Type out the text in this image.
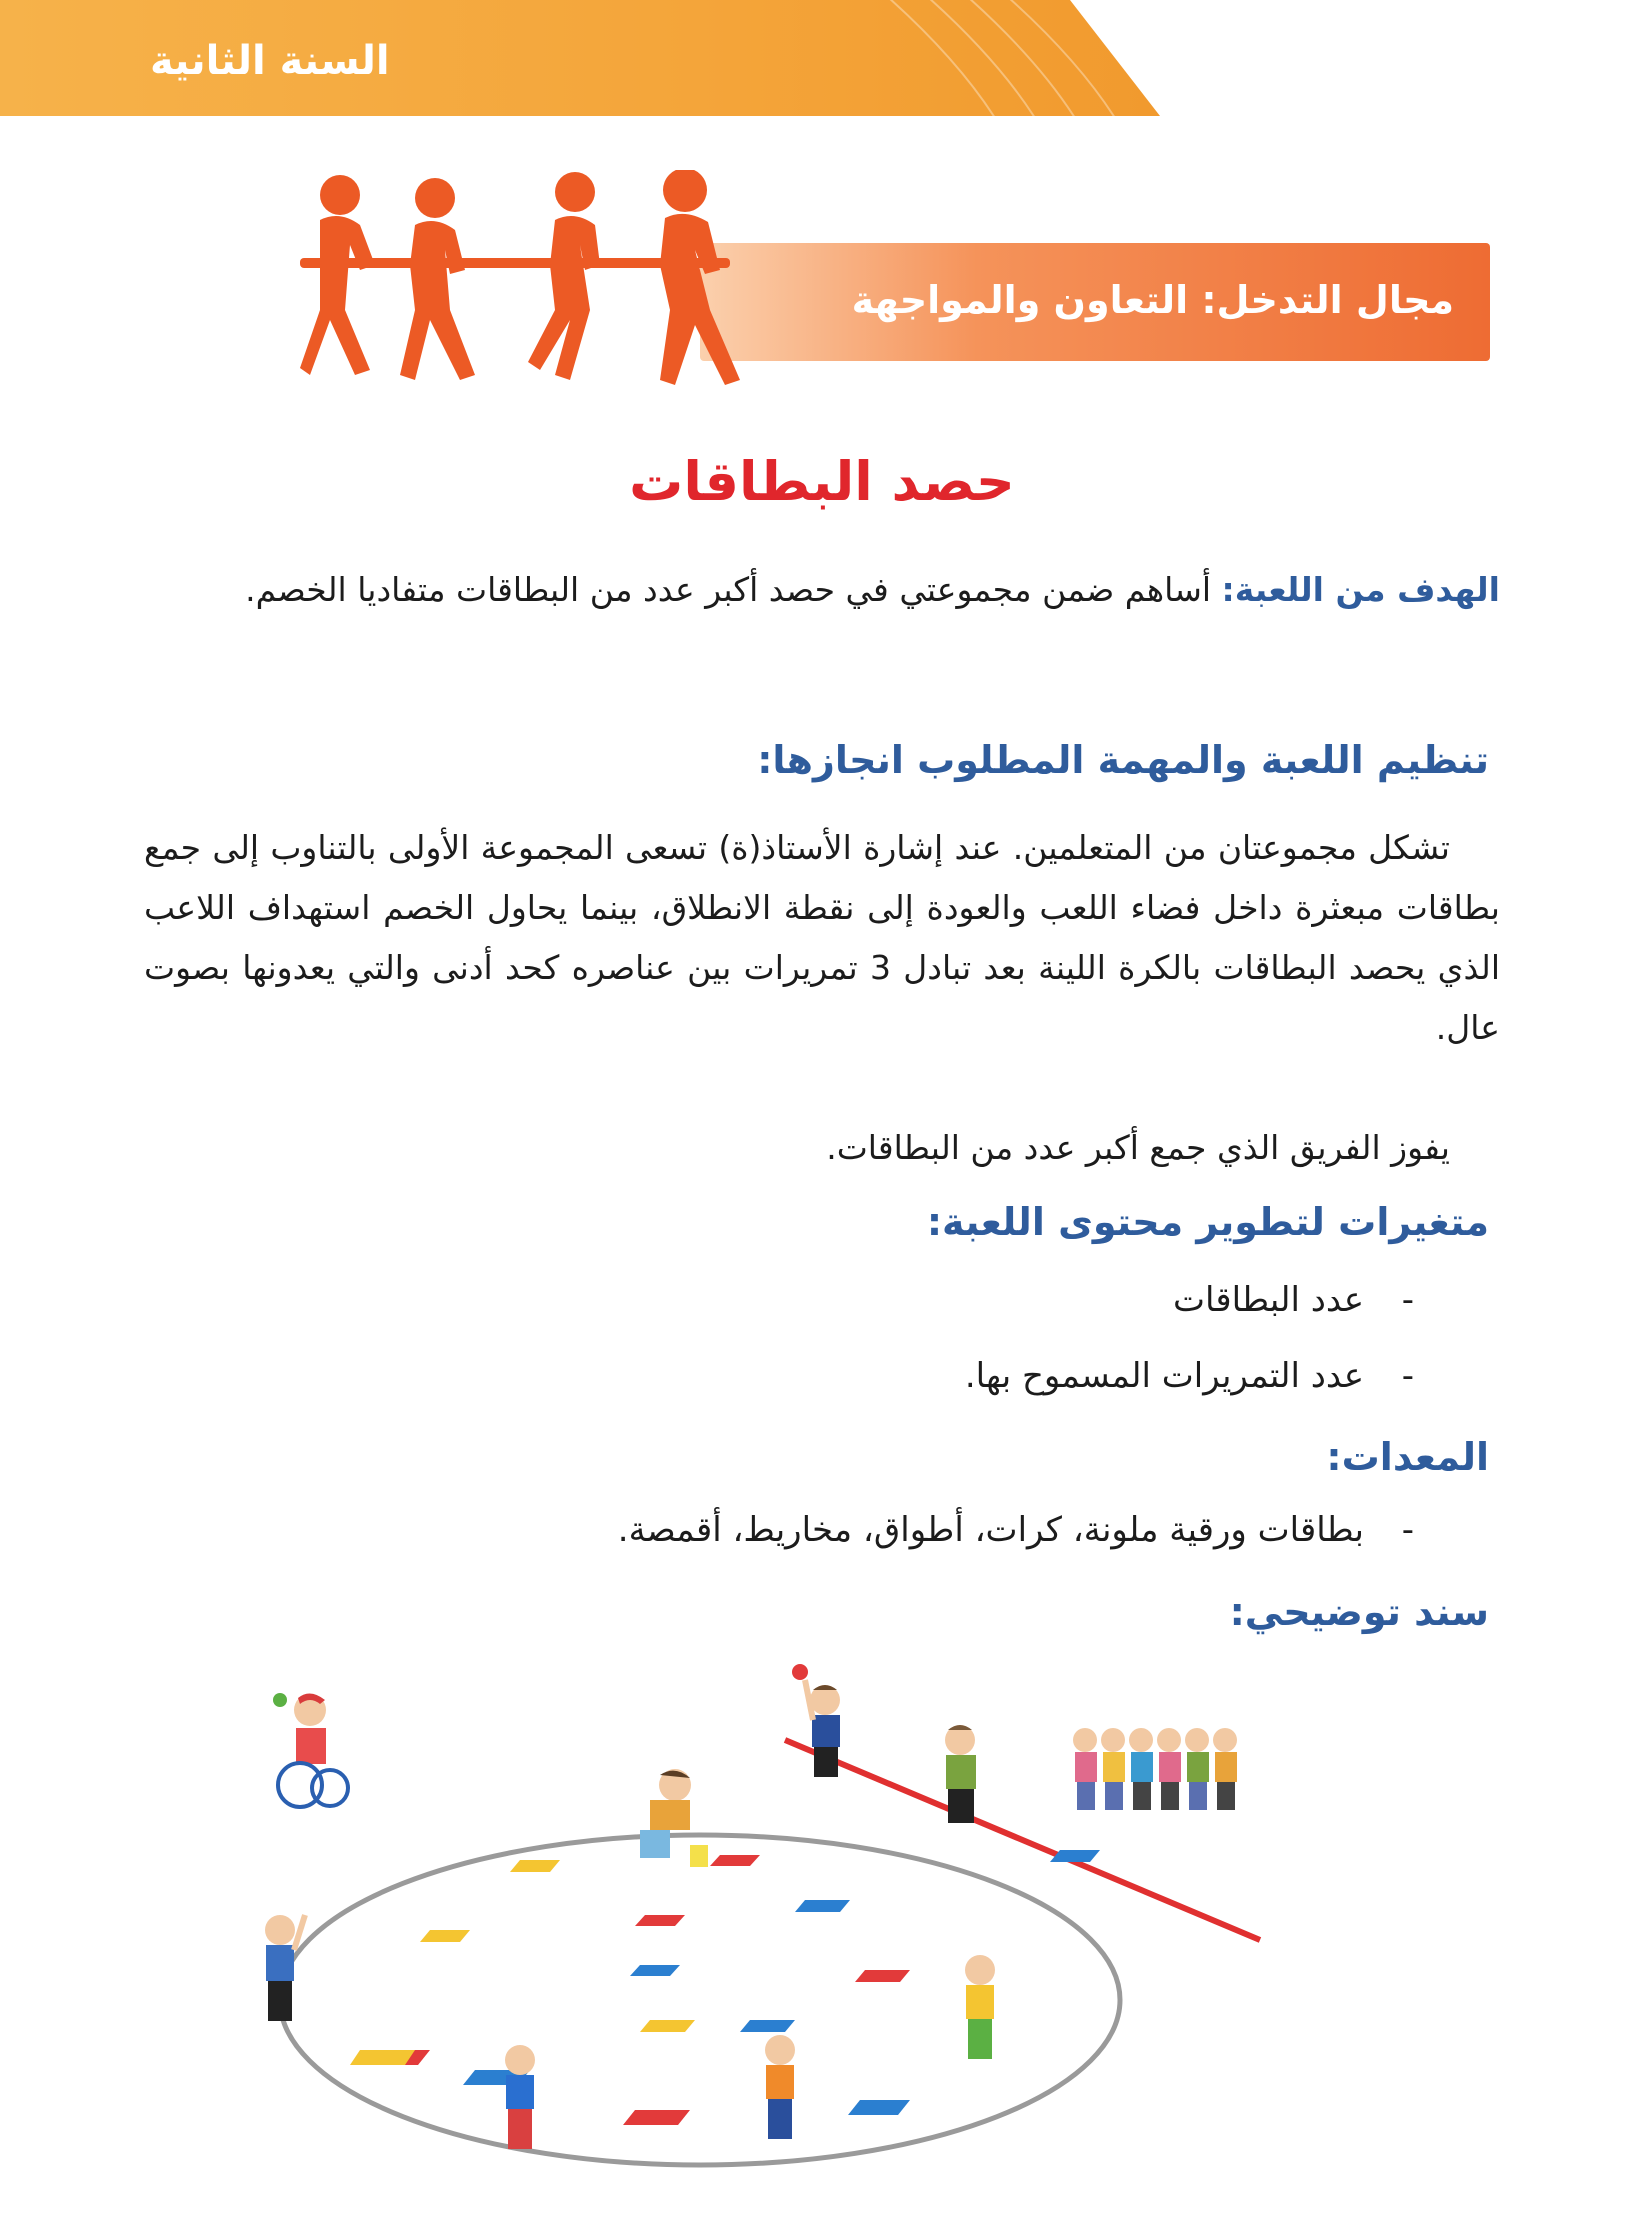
السنة الثانية
مجال التدخل: التعاون والمواجهة
حصد البطاقات
الهدف من اللعبة: أساهم ضمن مجموعتي في حصد أكبر عدد من البطاقات متفاديا الخصم.
تنظيم اللعبة والمهمة المطلوب انجازها:
تشكل مجموعتان من المتعلمين. عند إشارة الأستاذ(ة) تسعى المجموعة الأولى بالتناوب إلى جمع بطاقات مبعثرة داخل فضاء اللعب والعودة إلى نقطة الانطلاق، بينما يحاول الخصم استهداف اللاعب الذي يحصد البطاقات بالكرة اللينة بعد تبادل 3 تمريرات بين عناصره كحد أدنى والتي يعدونها بصوت عال.
يفوز الفريق الذي جمع أكبر عدد من البطاقات.
متغيرات لتطوير محتوى اللعبة:
-عدد البطاقات
-عدد التمريرات المسموح بها.
المعدات:
-بطاقات ورقية ملونة، كرات، أطواق، مخاريط، أقمصة.
سند توضيحي:
